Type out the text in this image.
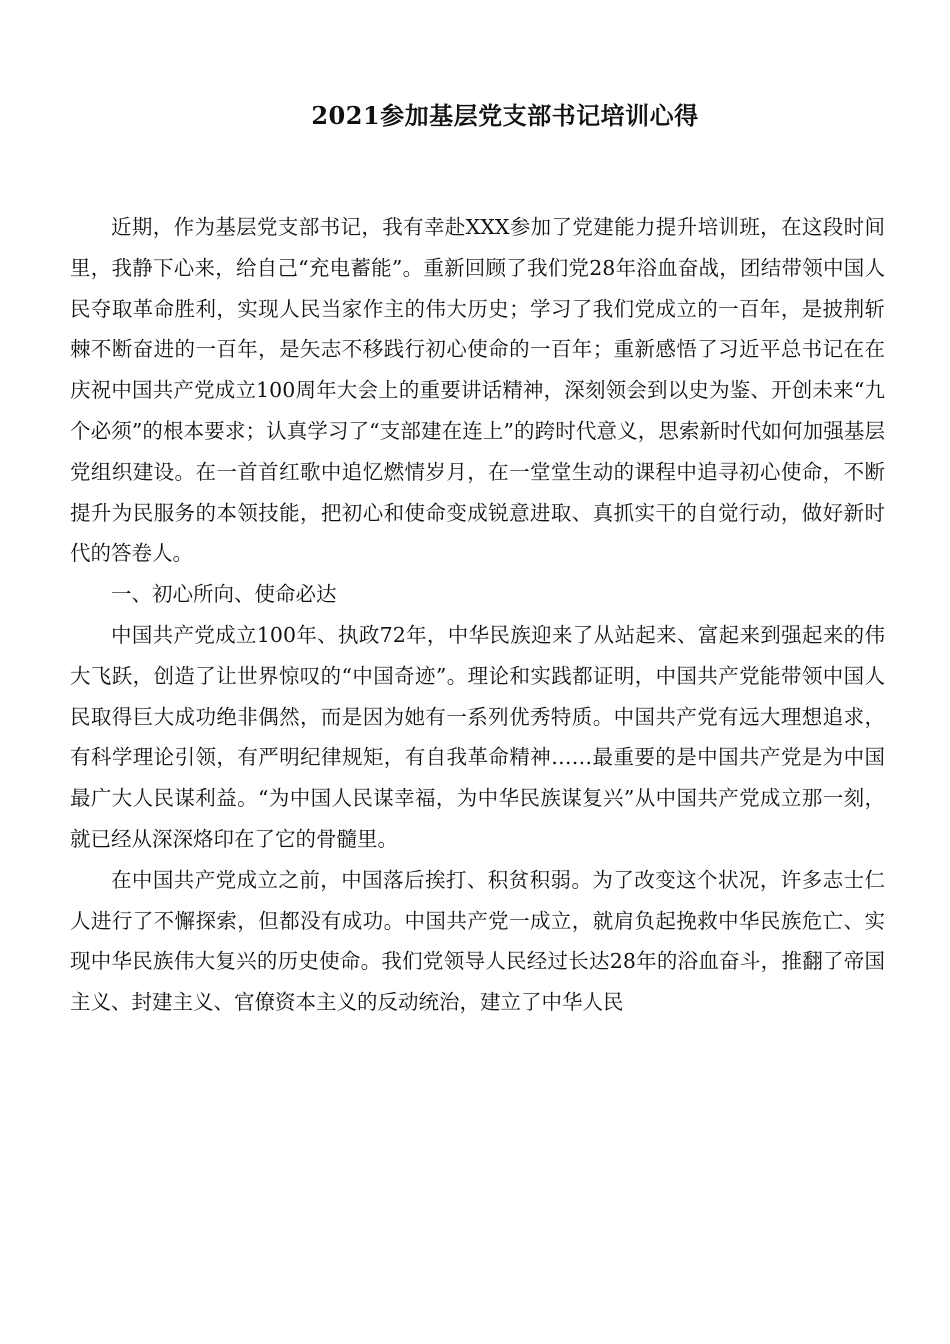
2021参加基层党支部书记培训心得

近期，作为基层党支部书记，我有幸赴XXX参加了党建能力提升培训班，在这段时间里，我静下心来，给自己“充电蓄能”。重新回顾了我们党28年浴血奋战，团结带领中国人民夺取革命胜利，实现人民当家作主的伟大历史；学习了我们党成立的一百年，是披荆斩棘不断奋进的一百年，是矢志不移践行初心使命的一百年；重新感悟了习近平总书记在在庆祝中国共产党成立100周年大会上的重要讲话精神，深刻领会到以史为鉴、开创未来“九个必须”的根本要求；认真学习了“支部建在连上”的跨时代意义，思索新时代如何加强基层党组织建设。在一首首红歌中追忆燃情岁月，在一堂堂生动的课程中追寻初心使命，不断提升为民服务的本领技能，把初心和使命变成锐意进取、真抓实干的自觉行动，做好新时代的答卷人。

一、初心所向、使命必达

中国共产党成立100年、执政72年，中华民族迎来了从站起来、富起来到强起来的伟大飞跃，创造了让世界惊叹的“中国奇迹”。理论和实践都证明，中国共产党能带领中国人民取得巨大成功绝非偶然，而是因为她有一系列优秀特质。中国共产党有远大理想追求，有科学理论引领，有严明纪律规矩，有自我革命精神……最重要的是中国共产党是为中国最广大人民谋利益。“为中国人民谋幸福，为中华民族谋复兴”从中国共产党成立那一刻，就已经从深深烙印在了它的骨髓里。

在中国共产党成立之前，中国落后挨打、积贫积弱。为了改变这个状况，许多志士仁人进行了不懈探索，但都没有成功。中国共产党一成立，就肩负起挽救中华民族危亡、实现中华民族伟大复兴的历史使命。我们党领导人民经过长达28年的浴血奋斗，推翻了帝国主义、封建主义、官僚资本主义的反动统治，建立了中华人民
